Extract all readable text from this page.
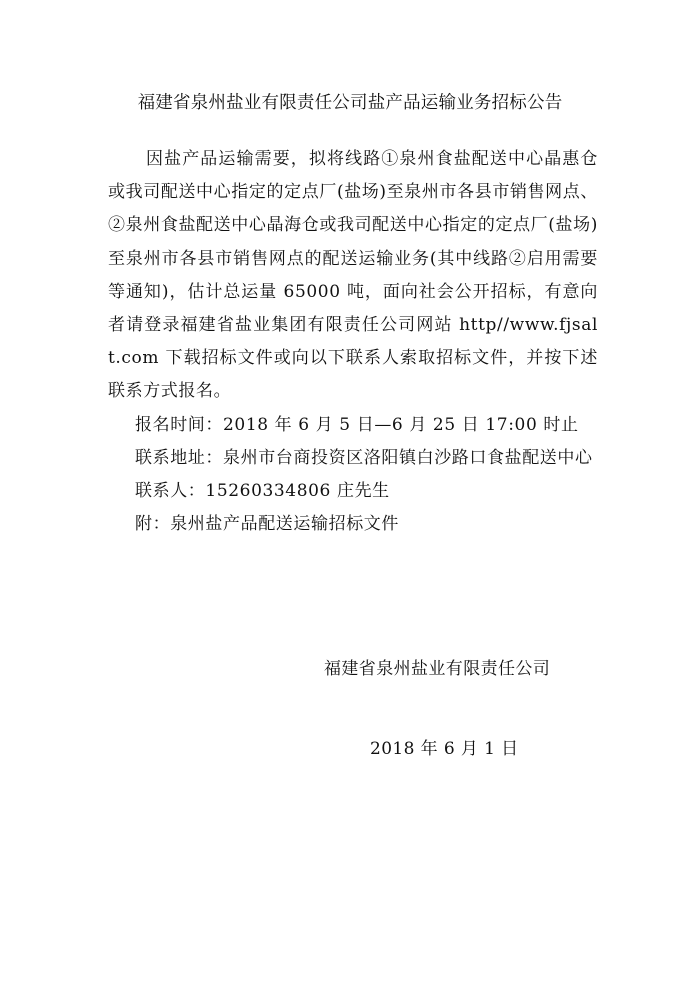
福建省泉州盐业有限责任公司盐产品运输业务招标公告

因盐产品运输需要，拟将线路①泉州食盐配送中心晶惠仓或我司配送中心指定的定点厂(盐场)至泉州市各县市销售网点、②泉州食盐配送中心晶海仓或我司配送中心指定的定点厂(盐场)　至泉州市各县市销售网点的配送运输业务(其中线路②启用需要等通知)，估计总运量 65000 吨，面向社会公开招标，有意向者请登录福建省盐业集团有限责任公司网站 http//www.fjsalt.com 下载招标文件或向以下联系人索取招标文件，并按下述联系方式报名。

报名时间：2018 年 6 月 5 日—6 月 25 日 17:00 时止

联系地址：泉州市台商投资区洛阳镇白沙路口食盐配送中心

联系人：15260334806 庄先生

附：泉州盐产品配送运输招标文件

福建省泉州盐业有限责任公司

2018 年 6 月 1 日
